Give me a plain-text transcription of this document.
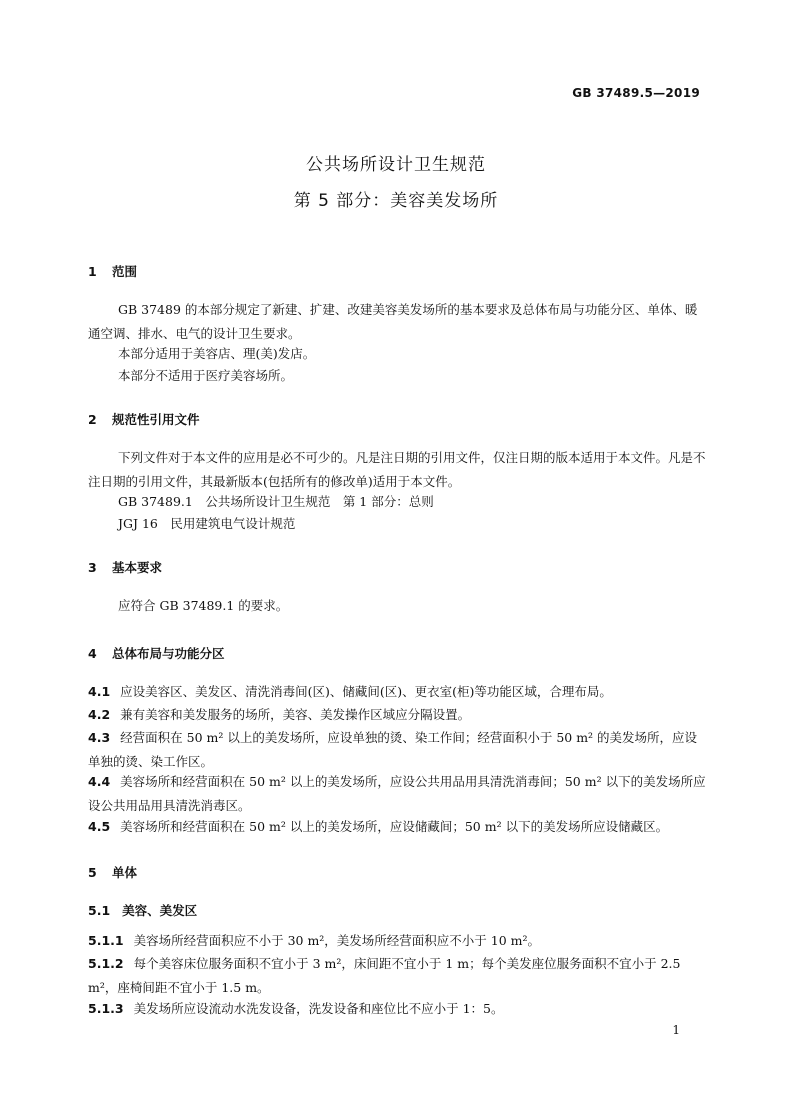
GB 37489.5—2019
公共场所设计卫生规范
第 5 部分：美容美发场所
1 范围
GB 37489 的本部分规定了新建、扩建、改建美容美发场所的基本要求及总体布局与功能分区、单体、暖通空调、排水、电气的设计卫生要求。
本部分适用于美容店、理(美)发店。
本部分不适用于医疗美容场所。
2 规范性引用文件
下列文件对于本文件的应用是必不可少的。凡是注日期的引用文件，仅注日期的版本适用于本文件。凡是不注日期的引用文件，其最新版本(包括所有的修改单)适用于本文件。
GB 37489.1　公共场所设计卫生规范　第 1 部分：总则
JGJ 16　民用建筑电气设计规范
3 基本要求
应符合 GB 37489.1 的要求。
4 总体布局与功能分区
4.1 应设美容区、美发区、清洗消毒间(区)、储藏间(区)、更衣室(柜)等功能区域，合理布局。
4.2 兼有美容和美发服务的场所，美容、美发操作区域应分隔设置。
4.3 经营面积在 50 m² 以上的美发场所，应设单独的烫、染工作间；经营面积小于 50 m² 的美发场所，应设单独的烫、染工作区。
4.4 美容场所和经营面积在 50 m² 以上的美发场所，应设公共用品用具清洗消毒间；50 m² 以下的美发场所应设公共用品用具清洗消毒区。
4.5 美容场所和经营面积在 50 m² 以上的美发场所，应设储藏间；50 m² 以下的美发场所应设储藏区。
5 单体
5.1 美容、美发区
5.1.1 美容场所经营面积应不小于 30 m²，美发场所经营面积应不小于 10 m²。
5.1.2 每个美容床位服务面积不宜小于 3 m²，床间距不宜小于 1 m；每个美发座位服务面积不宜小于 2.5 m²，座椅间距不宜小于 1.5 m。
5.1.3 美发场所应设流动水洗发设备，洗发设备和座位比不应小于 1：5。
1
